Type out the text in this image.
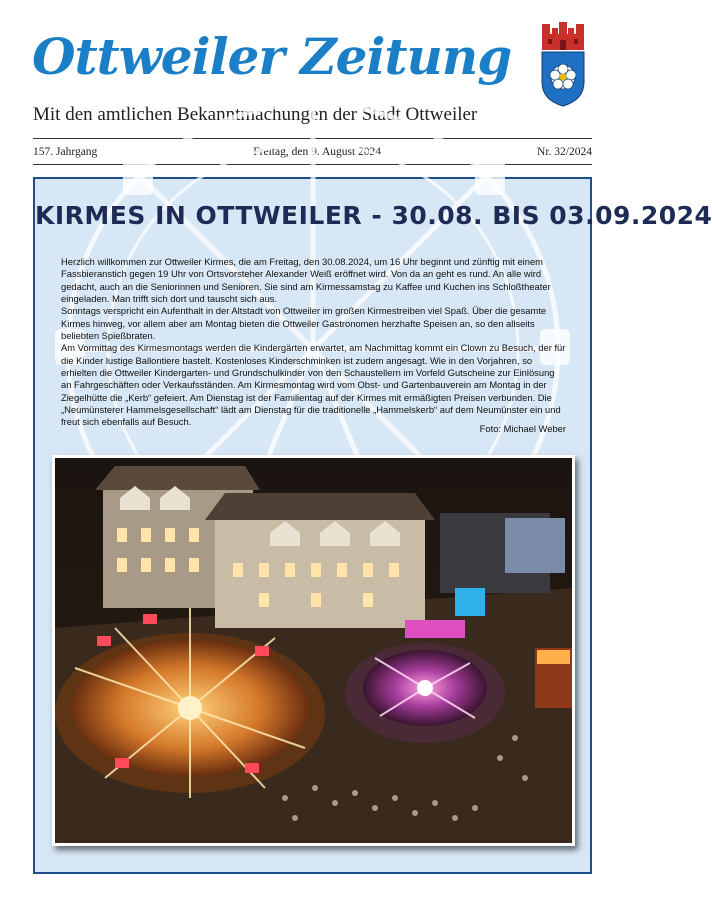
Ottweiler Zeitung
Mit den amtlichen Bekanntmachungen der Stadt Ottweiler
157. Jahrgang	Freitag, den 9. August 2024	Nr. 32/2024
KIRMES IN OTTWEILER - 30.08. BIS 03.09.2024

Herzlich willkommen zur Ottweiler Kirmes, die am Freitag, den 30.08.2024, um 16 Uhr beginnt und zünftig mit einem Fassbieranstich gegen 19 Uhr von Ortsvorsteher Alexander Weiß eröffnet wird. Von da an geht es rund. An alle wird gedacht, auch an die Seniorinnen und Senioren. Sie sind am Kirmessamstag zu Kaffee und Kuchen ins Schloßtheater eingeladen. Man trifft sich dort und tauscht sich aus.

Sonntags verspricht ein Aufenthalt in der Altstadt von Ottweiler im großen Kirmestreiben viel Spaß. Über die gesamte Kirmes hinweg, vor allem aber am Montag bieten die Ottweiler Gastronomen herzhafte Speisen an, so den allseits beliebten Spießbraten.

Am Vormittag des Kirmesmontags werden die Kindergärten erwartet, am Nachmittag kommt ein Clown zu Besuch, der für die Kinder lustige Ballontiere bastelt. Kostenloses Kinderschminken ist zudem angesagt. Wie in den Vorjahren, so erhielten die Ottweiler Kindergarten- und Grundschulkinder von den Schaustellern im Vorfeld Gutscheine zur Einlösung an Fahrgeschäften oder Verkaufsständen. Am Kirmesmontag wird vom Obst- und Gartenbauverein am Montag in der Ziegelhütte die „Kerb“ gefeiert. Am Dienstag ist der Familientag auf der Kirmes mit ermäßigten Preisen verbunden. Die „Neumünsterer Hammelsgesellschaft“ lädt am Dienstag für die traditionelle „Hammelskerb“ auf dem Neumünster ein und freut sich ebenfalls auf Besuch.

Foto: Michael Weber
